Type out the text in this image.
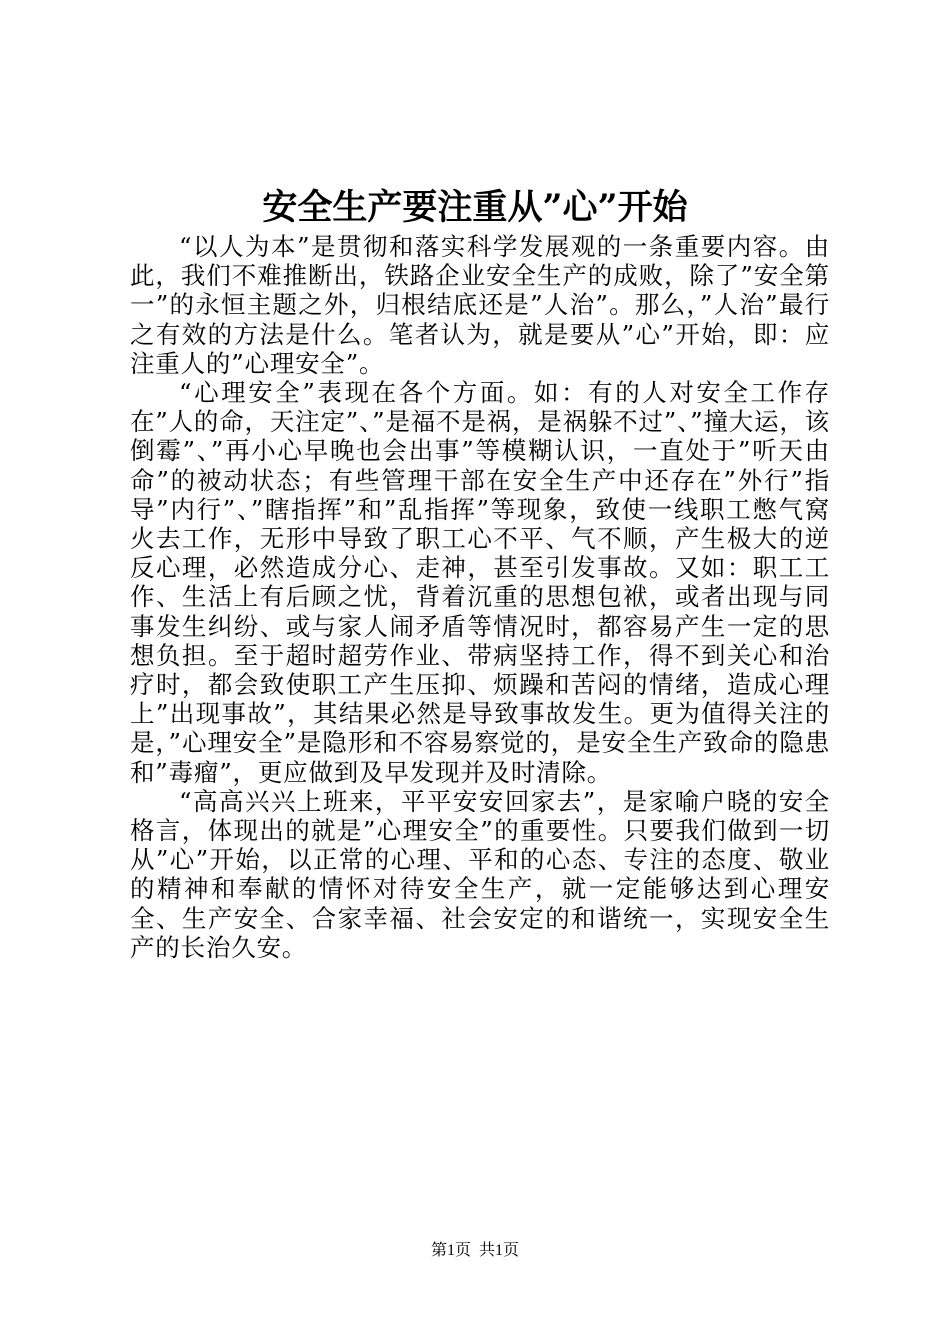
安全生产要注重从”心”开始

“以人为本”是贯彻和落实科学发展观的一条重要内容。由此，我们不难推断出，铁路企业安全生产的成败，除了”安全第一”的永恒主题之外，归根结底还是”人治”。那么，”人治”最行之有效的方法是什么。笔者认为，就是要从”心”开始，即：应注重人的”心理安全”。

“心理安全”表现在各个方面。如：有的人对安全工作存在”人的命，天注定”、”是福不是祸，是祸躲不过”、”撞大运，该倒霉”、”再小心早晚也会出事”等模糊认识，一直处于”听天由命”的被动状态；有些管理干部在安全生产中还存在”外行”指导”内行”、”瞎指挥”和”乱指挥”等现象，致使一线职工憋气窝火去工作，无形中导致了职工心不平、气不顺，产生极大的逆反心理，必然造成分心、走神，甚至引发事故。又如：职工工作、生活上有后顾之忧，背着沉重的思想包袱，或者出现与同事发生纠纷、或与家人闹矛盾等情况时，都容易产生一定的思想负担。至于超时超劳作业、带病坚持工作，得不到关心和治疗时，都会致使职工产生压抑、烦躁和苦闷的情绪，造成心理上”出现事故”，其结果必然是导致事故发生。更为值得关注的是，”心理安全”是隐形和不容易察觉的，是安全生产致命的隐患和”毒瘤”，更应做到及早发现并及时清除。

“高高兴兴上班来，平平安安回家去”，是家喻户晓的安全格言，体现出的就是”心理安全”的重要性。只要我们做到一切从”心”开始，以正常的心理、平和的心态、专注的态度、敬业的精神和奉献的情怀对待安全生产，就一定能够达到心理安全、生产安全、合家幸福、社会安定的和谐统一，实现安全生产的长治久安。

第1页 共1页
